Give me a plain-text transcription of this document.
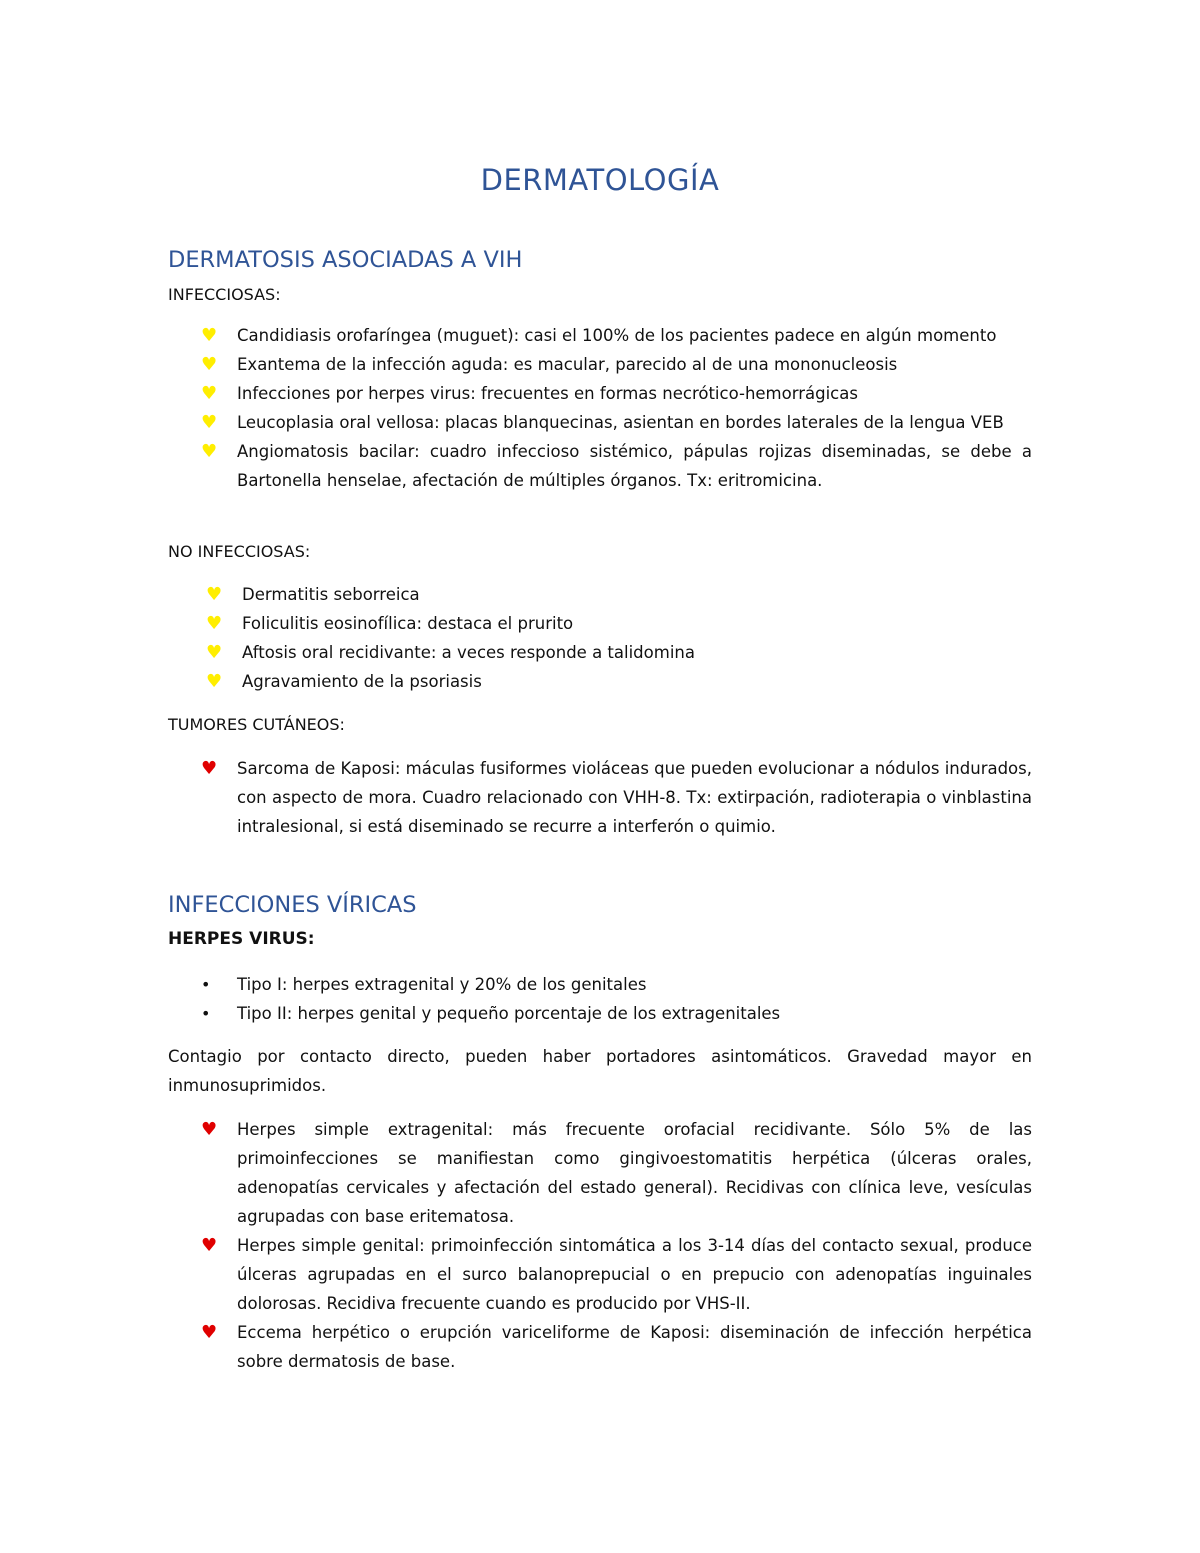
DERMATOLOGÍA
DERMATOSIS ASOCIADAS A VIH
INFECCIOSAS:
♥ Candidiasis orofaríngea (muguet): casi el 100% de los pacientes padece en algún momento
♥ Exantema de la infección aguda: es macular, parecido al de una mononucleosis
♥ Infecciones por herpes virus: frecuentes en formas necrótico-hemorrágicas
♥ Leucoplasia oral vellosa: placas blanquecinas, asientan en bordes laterales de la lengua VEB
♥ Angiomatosis bacilar: cuadro infeccioso sistémico, pápulas rojizas diseminadas, se debe a Bartonella henselae, afectación de múltiples órganos. Tx: eritromicina.
NO INFECCIOSAS:
♥ Dermatitis seborreica
♥ Foliculitis eosinofílica: destaca el prurito
♥ Aftosis oral recidivante: a veces responde a talidomina
♥ Agravamiento de la psoriasis
TUMORES CUTÁNEOS:
♥ Sarcoma de Kaposi: máculas fusiformes violáceas que pueden evolucionar a nódulos indurados, con aspecto de mora. Cuadro relacionado con VHH-8. Tx: extirpación, radioterapia o vinblastina intralesional, si está diseminado se recurre a interferón o quimio.
INFECCIONES VÍRICAS
HERPES VIRUS:
• Tipo I: herpes extragenital y 20% de los genitales
• Tipo II: herpes genital y pequeño porcentaje de los extragenitales

Contagio por contacto directo, pueden haber portadores asintomáticos. Gravedad mayor en inmunosuprimidos.

♥ Herpes simple extragenital: más frecuente orofacial recidivante. Sólo 5% de las primoinfecciones se manifiestan como gingivoestomatitis herpética (úlceras orales, adenopatías cervicales y afectación del estado general). Recidivas con clínica leve, vesículas agrupadas con base eritematosa.
♥ Herpes simple genital: primoinfección sintomática a los 3-14 días del contacto sexual, produce úlceras agrupadas en el surco balanoprepucial o en prepucio con adenopatías inguinales dolorosas. Recidiva frecuente cuando es producido por VHS-II.
♥ Eccema herpético o erupción variceliforme de Kaposi: diseminación de infección herpética sobre dermatosis de base.
